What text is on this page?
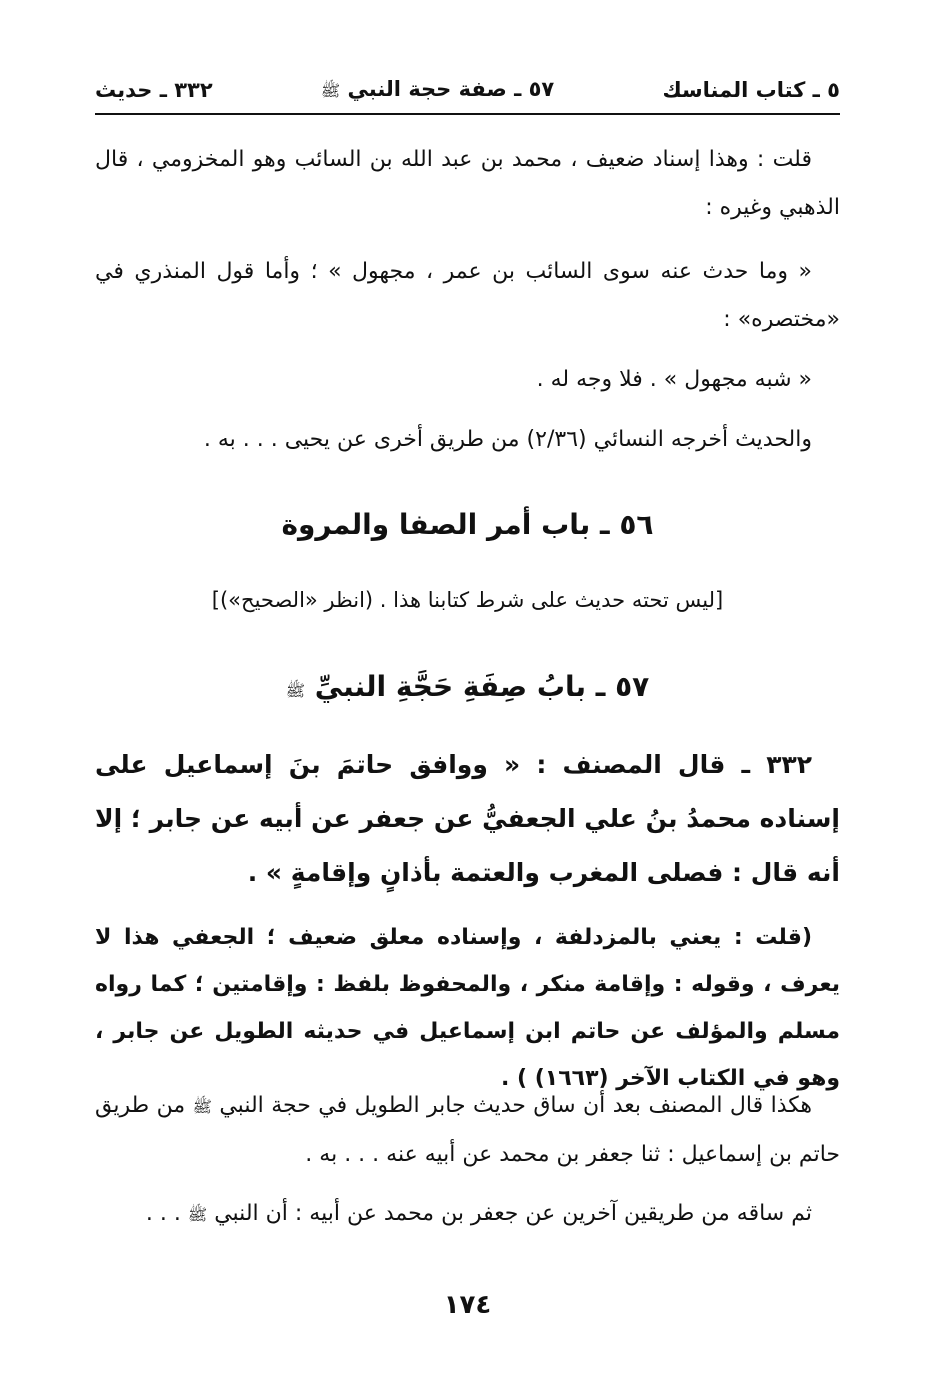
٥ ـ كتاب المناسك
٥٧ ـ صفة حجة النبي ﷺ
٣٣٢ ـ حديث
قلت : وهذا إسناد ضعيف ، محمد بن عبد الله بن السائب وهو المخزومي ، قال الذهبي وغيره :
« وما حدث عنه سوى السائب بن عمر ، مجهول » ؛ وأما قول المنذري في «مختصره» :
« شبه مجهول » . فلا وجه له .
والحديث أخرجه النسائي (٢/٣٦) من طريق أخرى عن يحيى . . . به .
٥٦ ـ باب أمر الصفا والمروة
[ليس تحته حديث على شرط كتابنا هذا . (انظر «الصحيح»)]
٥٧ ـ بابُ صِفَةِ حَجَّةِ النبيِّ ﷺ
٣٣٢ ـ قال المصنف : « ووافق حاتمَ بنَ إسماعيل على إسناده محمدُ بنُ علي الجعفيُّ عن جعفر عن أبيه عن جابر ؛ إلا أنه قال : فصلى المغرب والعتمة بأذانٍ وإقامةٍ » .
(قلت : يعني بالمزدلفة ، وإسناده معلق ضعيف ؛ الجعفي هذا لا يعرف ، وقوله : وإقامة منكر ، والمحفوظ بلفظ : وإقامتين ؛ كما رواه مسلم والمؤلف عن حاتم ابن إسماعيل في حديثه الطويل عن جابر ، وهو في الكتاب الآخر (١٦٦٣) ) .
هكذا قال المصنف بعد أن ساق حديث جابر الطويل في حجة النبي ﷺ من طريق حاتم بن إسماعيل : ثنا جعفر بن محمد عن أبيه عنه . . . به .
ثم ساقه من طريقين آخرين عن جعفر بن محمد عن أبيه : أن النبي ﷺ . . .
١٧٤
